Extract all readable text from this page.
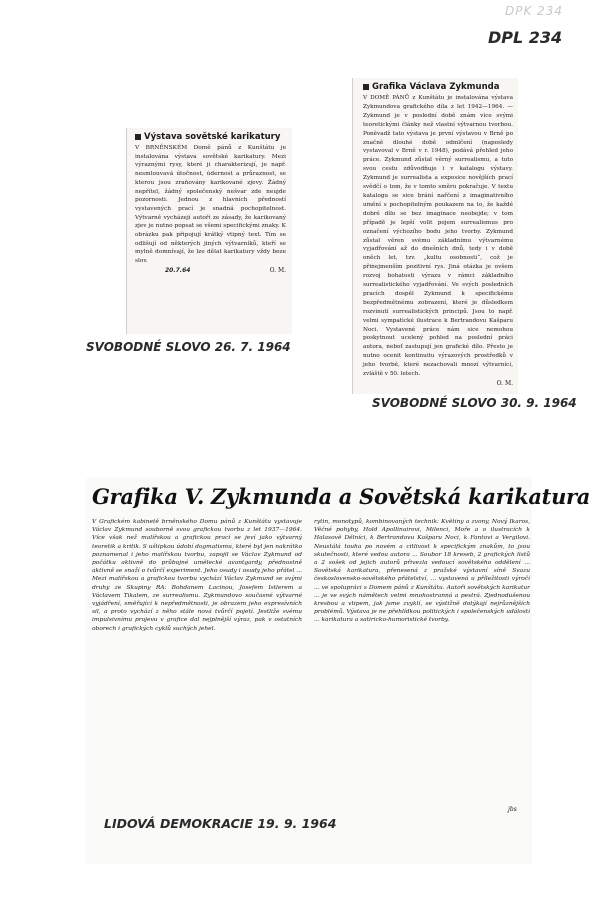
DPK 234
DPL 234
Výstava sovětské karikatury
V BRNĚNSKÉM Domě pánů z Kunštátu je instalována výstava sovětské karikatury. Mezi výraznými rysy, které ji charakterizují, je např. nesmlouvavá útočnost, údernost a průraznost, se kterou jsou zraňovány karikované zjevy. Žádný nepřítel, žádný společenský nešvar zde neujde pozornosti. Jednou z hlavních předností vystavených prací je snadná pochopitelnost. Výtvarně vycházejí autoři ze zásady, že karikovaný zjev je nutno popsat se všemi specifickými znaky. K obrázku pak připojují krátký vtipný text. Tím se odlišují od některých jiných výtvarníků, kteří se mylně domnívají, že lze dělat karikatury vždy beze slov.
20.7.64	O. M.
SVOBODNÉ SLOVO 26. 7. 1964
Grafika Václava Zykmunda
V DOMĚ PÁNŮ z Kunštátu je instalována výstava Zykmundova grafického díla z let 1942—1964. — Zykmund je v poslední době znám více svými teoretickými články než vlastní výtvarnou tvorbou. Poněvadž tato výstava je první výstavou v Brně po značně dlouhé době odmlčení (naposledy vystavoval v Brně v r. 1948), podává přehled jeho práce. Zykmund zůstal věrný surrealismu, a tuto svou cestu zdůvodňuje i v katalogu výstavy. Zykmund je surrealista a exposice novějších prací svědčí o tom, že v tomto směru pokračuje. V textu katalogu se sice brání nařčení z imaginativního umění s pochopitelným poukazem na to, že každé dobré dílo se bez imaginace neobejde; v tom případě je lepší volit pojem surrealismus pro označení výchozího bodu jeho tvorby. Zykmund zůstal věren svému základnímu výtvarnému vyjadřování až do dnešních dnů, tedy i v době oněch let, tzv. „kultu osobnosti“, což je přinejmenším pozitivní rys. Jiná otázka je ovšem rozvoj bohatosti výrazu v rámci základního surrealistického vyjadřování. Ve svých posledních pracích dospěl Zykmund k specifickému bezpředmětnému zobrazení, které je důsledkem rozvinutí surrealistických principů. Jsou to např. velmi sympatické ilustrace k Bertrandovu Kašparu Noci. Vystavené práce nám sice nemohou poskytnout ucelený pohled na poslední práci autora, neboť zastupují jen grafické dílo. Přesto je nutno ocenit kontinuitu výrazových prostředků v jeho tvorbě, které nezachovali mnozí výtvarníci, zvláště v 50. letech.
O. M.
SVOBODNÉ SLOVO 30. 9. 1964
Grafika V. Zykmunda a Sovětská karikatura
V Grafickém kabinetě brněnského Domu pánů z Kunštátu vystavuje Václav Zykmund souborně svou grafickou tvorbu z let 1937—1964. Více však než malířskou a grafickou prací se jeví jako výtvarný teoretik a kritik. S uštipkou údobí dogmatismu, které byl jen nakrátko poznamenal i jeho malířskou tvorbu, zapojil se Václav Zykmund od počátku aktivně do průbojné umělecké avantgardy, přednostně aktivně se snaží o tvůrčí experiment. Jeho osudy i osudy jeho přátel ... Mezi malířskou a grafickou tvorbu vychází Václav Zykmund se svými druhy ze Skupiny RA: Bohdanem Lacinou, Josefem Istlerem a Václavem Tikalem, ze surrealismu. Zykmundovo současné výtvarné vyjádření, směřující k nepředmětnosti, je obrazem jeho expresívních sil, a proto vychází z něho stále nová tvůrčí pojetí. Jestliže svému impulsivnímu projevu v grafice dal nejplnější výraz, pak v ostatních oborech i grafických cyklů suchých jehel.
rytin, monotypů, kombinovaných technik: Květiny a zvony, Nový Ikaros, Věčné pohyby, Hold Apollinairovi, Milenci, Moře a o ilustracích k Halasově Dělníci, k Bertrandovu Kašparu Noci, k Fantovi a Vergilovi. Neustálá touha po novém a citlivost k specifickým znakům, to jsou skutečnosti, které vedou autora ... Soubor 18 kreseb, 2 grafických listů a 2 sošek od jejich autorů přivezla vedoucí sovětského oddělení ... Sovětská karikatura, přenesená z pražské výstavní síně Svazu československo-sovětského přátelství, ... vystavená u příležitosti výročí ... ve spolupráci s Domem pánů z Kunštátu. Autoři sovětských karikatur ... je ve svých námětech velmi mnohostranná a pestrá. Zjednodušenou kresbou a vtipem, jak jsme zvyklí, se výstižně dotýkají nejrůznějších problémů. Výstava je ne přehlídkou politických i společenských událostí ... karikatura a satiricko-humoristické tvorby.
jbs
LIDOVÁ DEMOKRACIE 19. 9. 1964
